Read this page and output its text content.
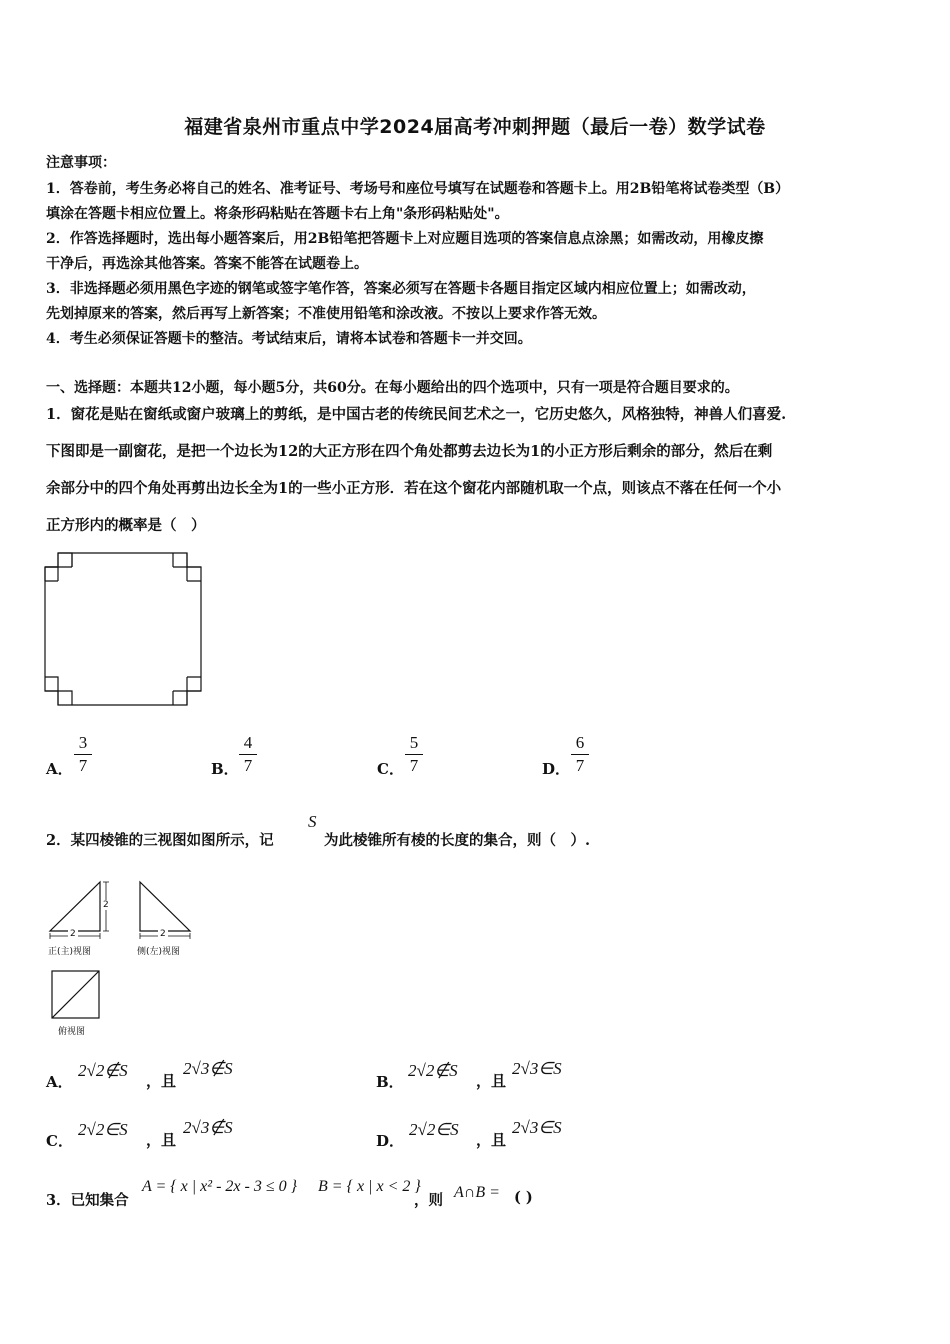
福建省泉州市重点中学2024届高考冲刺押题（最后一卷）数学试卷
注意事项：
1．答卷前，考生务必将自己的姓名、准考证号、考场号和座位号填写在试题卷和答题卡上。用2B铅笔将试卷类型（B）
填涂在答题卡相应位置上。将条形码粘贴在答题卡右上角"条形码粘贴处"。
2．作答选择题时，选出每小题答案后，用2B铅笔把答题卡上对应题目选项的答案信息点涂黑；如需改动，用橡皮擦
干净后，再选涂其他答案。答案不能答在试题卷上。
3．非选择题必须用黑色字迹的钢笔或签字笔作答，答案必须写在答题卡各题目指定区域内相应位置上；如需改动，
先划掉原来的答案，然后再写上新答案；不准使用铅笔和涂改液。不按以上要求作答无效。
4．考生必须保证答题卡的整洁。考试结束后，请将本试卷和答题卡一并交回。
一、选择题：本题共12小题，每小题5分，共60分。在每小题给出的四个选项中，只有一项是符合题目要求的。
1．窗花是贴在窗纸或窗户玻璃上的剪纸，是中国古老的传统民间艺术之一，它历史悠久，风格独特，神兽人们喜爱.
下图即是一副窗花，是把一个边长为12的大正方形在四个角处都剪去边长为1的小正方形后剩余的部分，然后在剩
余部分中的四个角处再剪出边长全为1的一些小正方形．若在这个窗花内部随机取一个点，则该点不落在任何一个小
正方形内的概率是（　）
A．
3
7	B．
4
7	C．
5
7	D．
6
7
2．某四棱锥的三视图如图所示，记
S
为此棱锥所有棱的长度的集合，则（　）.
2
2
2
正(主)视图	侧(左)视图
俯视图
A．
2√2∉S
，且
2√3∉S
B．
2√2∉S
，且
2√3∈S
C．
2√2∈S
，且
2√3∉S
D．
2√2∈S
，且
2√3∈S
3．已知集合
A = { x | x² - 2x - 3 ≤ 0 } B = { x | x < 2 }
，则 A∩B = ( )
